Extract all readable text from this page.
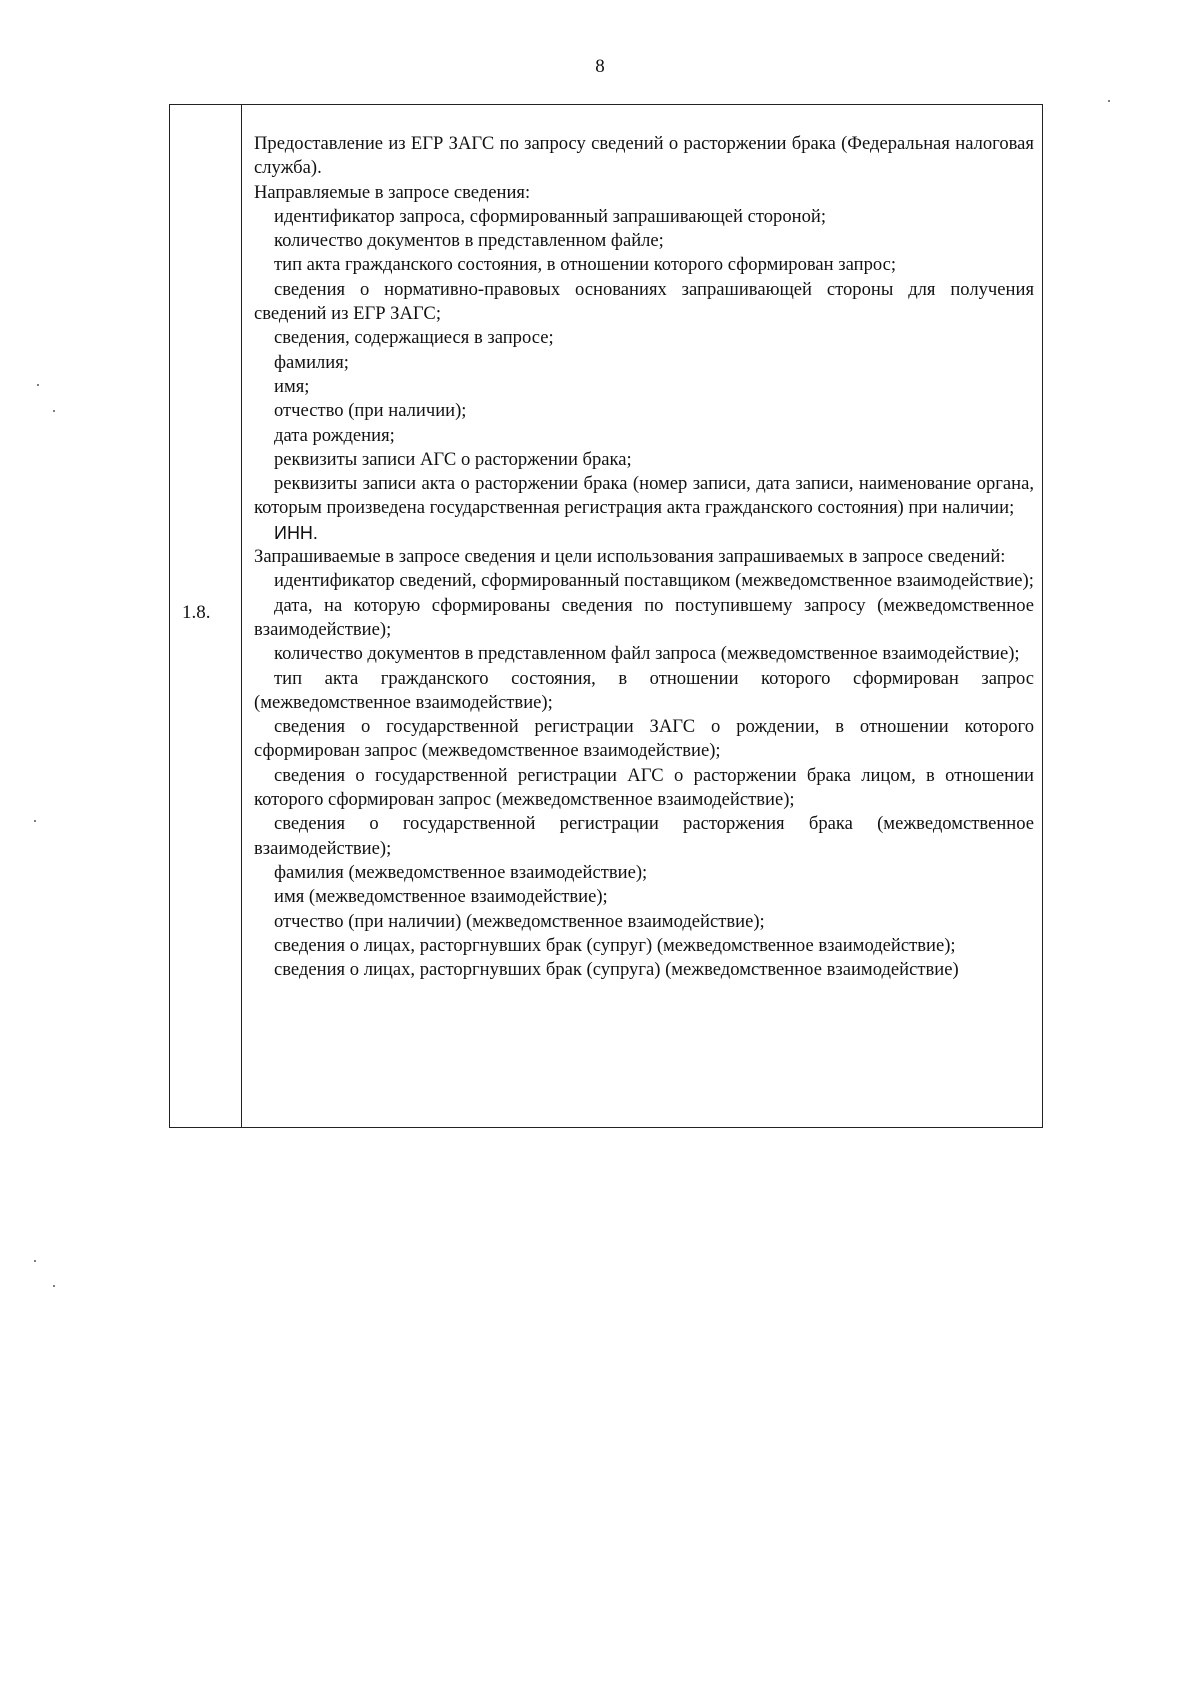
8
1.8.

Предоставление из ЕГР ЗАГС по запросу сведений о расторжении брака (Федеральная налоговая служба).

Направляемые в запросе сведения:

идентификатор запроса, сформированный запрашивающей стороной;

количество документов в представленном файле;

тип акта гражданского состояния, в отношении которого сформирован запрос;

сведения о нормативно-правовых основаниях запрашивающей стороны для получения сведений из ЕГР ЗАГС;

сведения, содержащиеся в запросе;

фамилия;

имя;

отчество (при наличии);

дата рождения;

реквизиты записи АГС о расторжении брака;

реквизиты записи акта о расторжении брака (номер записи, дата записи, наименование органа, которым произведена государственная регистрация акта гражданского состояния) при наличии;

ИНН.

Запрашиваемые в запросе сведения и цели использования запрашиваемых в запросе сведений:

идентификатор сведений, сформированный поставщиком (межведомственное взаимодействие);

дата, на которую сформированы сведения по поступившему запросу (межведомственное взаимодействие);

количество документов в представленном файл запроса (межведомственное взаимодействие);

тип акта гражданского состояния, в отношении которого сформирован запрос (межведомственное взаимодействие);

сведения о государственной регистрации ЗАГС о рождении, в отношении которого сформирован запрос (межведомственное взаимодействие);

сведения о государственной регистрации АГС о расторжении брака лицом, в отношении которого сформирован запрос (межведомственное взаимодействие);

сведения о государственной регистрации расторжения брака (межведомственное взаимодействие);

фамилия (межведомственное взаимодействие);

имя (межведомственное взаимодействие);

отчество (при наличии) (межведомственное взаимодействие);

сведения о лицах, расторгнувших брак (супруг) (межведомственное взаимодействие);

сведения о лицах, расторгнувших брак (супруга) (межведомственное взаимодействие)
